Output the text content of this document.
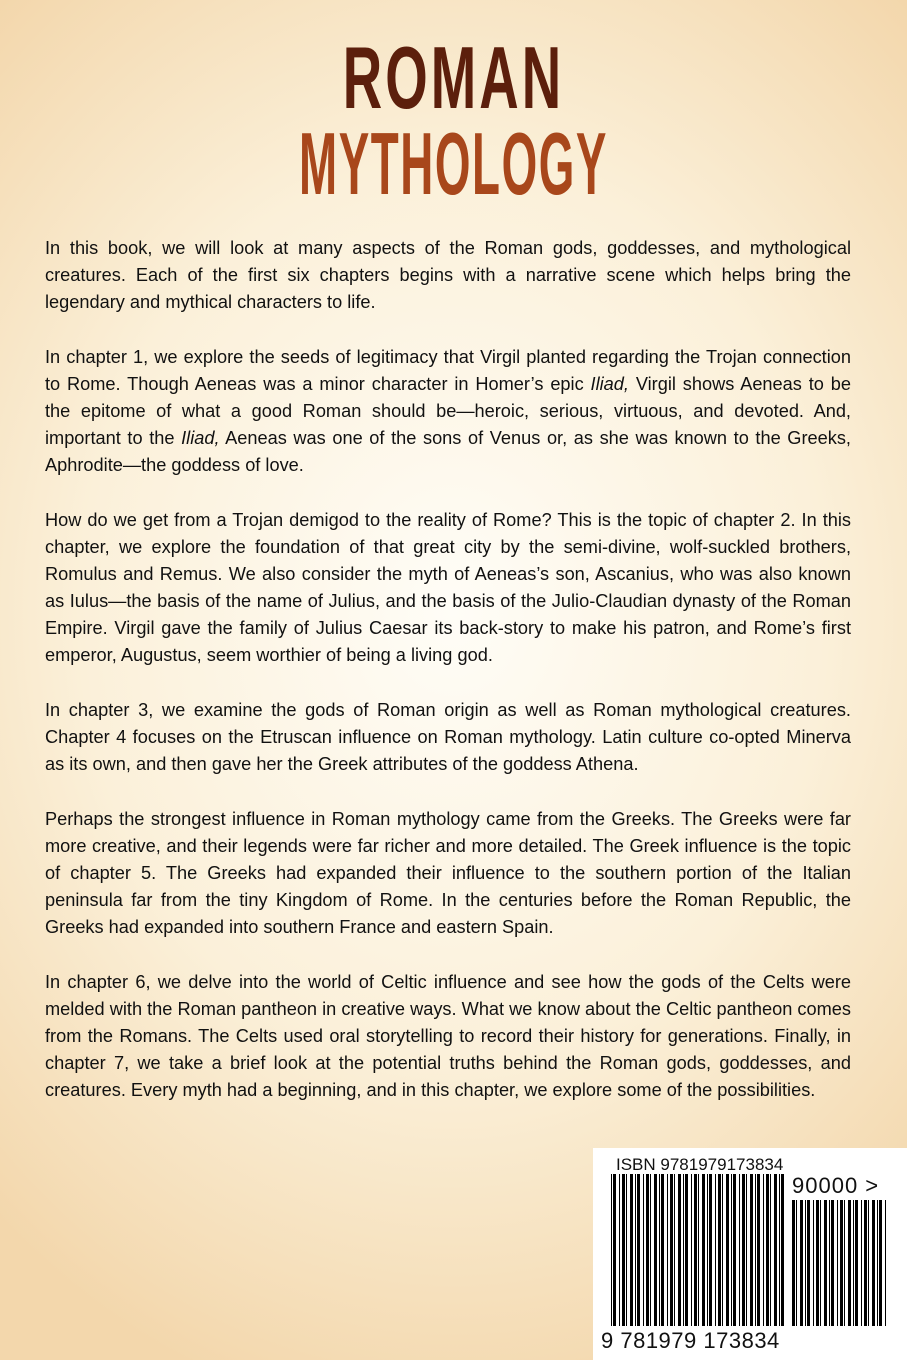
ROMAN
MYTHOLOGY

In this book, we will look at many aspects of the Roman gods, goddesses, and mythological creatures. Each of the first six chapters begins with a narrative scene which helps bring the legendary and mythical characters to life.

In chapter 1, we explore the seeds of legitimacy that Virgil planted regarding the Trojan connection to Rome. Though Aeneas was a minor character in Homer’s epic Iliad, Virgil shows Aeneas to be the epitome of what a good Roman should be—heroic, serious, virtuous, and devoted. And, important to the Iliad, Aeneas was one of the sons of Venus or, as she was known to the Greeks, Aphrodite—the goddess of love.

How do we get from a Trojan demigod to the reality of Rome? This is the topic of chapter 2. In this chapter, we explore the foundation of that great city by the semi-divine, wolf-suckled brothers, Romulus and Remus. We also consider the myth of Aeneas’s son, Ascanius, who was also known as Iulus—the basis of the name of Julius, and the basis of the Julio-Claudian dynasty of the Roman Empire. Virgil gave the family of Julius Caesar its back-story to make his patron, and Rome’s first emperor, Augustus, seem worthier of being a living god.

In chapter 3, we examine the gods of Roman origin as well as Roman mythological creatures. Chapter 4 focuses on the Etruscan influence on Roman mythology. Latin culture co-opted Minerva as its own, and then gave her the Greek attributes of the goddess Athena.

Perhaps the strongest influence in Roman mythology came from the Greeks. The Greeks were far more creative, and their legends were far richer and more detailed. The Greek influence is the topic of chapter 5. The Greeks had expanded their influence to the southern portion of the Italian peninsula far from the tiny Kingdom of Rome. In the centuries before the Roman Republic, the Greeks had expanded into southern France and eastern Spain.

In chapter 6, we delve into the world of Celtic influence and see how the gods of the Celts were melded with the Roman pantheon in creative ways. What we know about the Celtic pantheon comes from the Romans. The Celts used oral storytelling to record their history for generations. Finally, in chapter 7, we take a brief look at the potential truths behind the Roman gods, goddesses, and creatures. Every myth had a beginning, and in this chapter, we explore some of the possibilities.

ISBN 9781979173834
90000 >
9 781979 173834
